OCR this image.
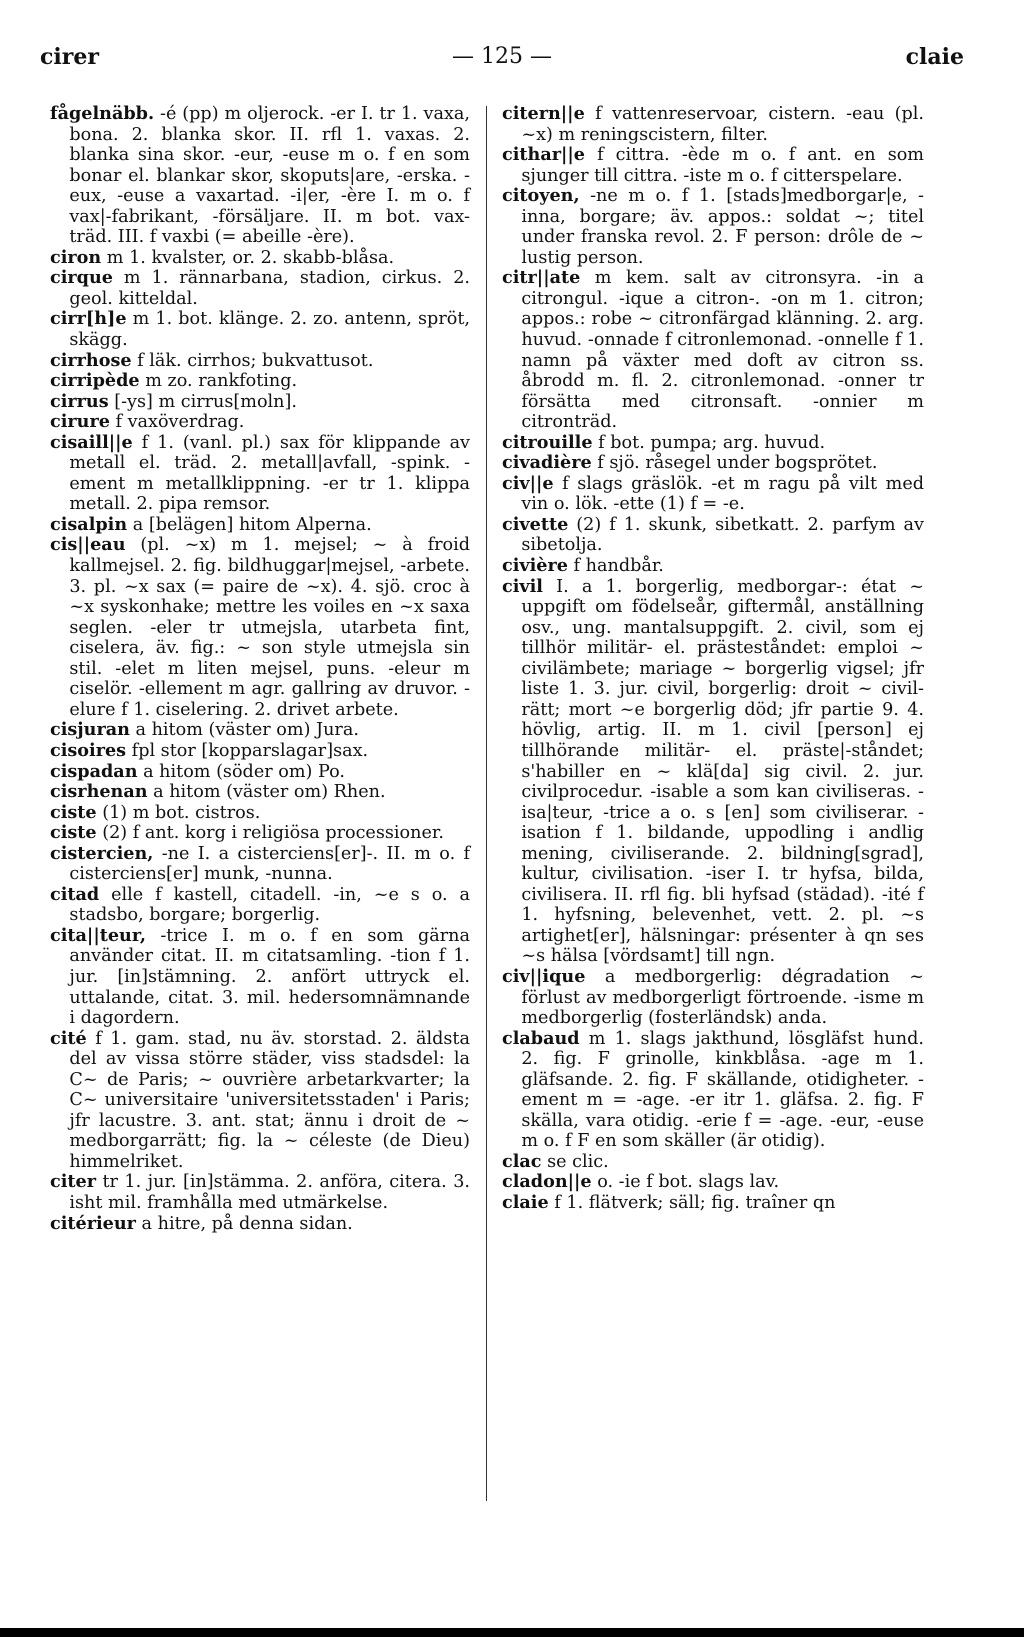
cirer	— 125 —	claie

fågelnäbb. -é (pp) m oljerock. -er I. tr 1. vaxa, bona. 2. blanka skor. II. rfl 1. vaxas. 2. blanka sina skor. -eur, -euse m o. f en som bonar el. blankar skor, skoputs|are, -erska. -eux, -euse a vaxartad. -i|er, -ère I. m o. f vax|-fabrikant, -försäljare. II. m bot. vax-träd. III. f vaxbi (= abeille -ère).

ciron m 1. kvalster, or. 2. skabb-blåsa.

cirque m 1. rännarbana, stadion, cirkus. 2. geol. kitteldal.

cirr[h]e m 1. bot. klänge. 2. zo. antenn, spröt, skägg.

cirrhose f läk. cirrhos; bukvattusot.

cirripède m zo. rankfoting.

cirrus [-ys] m cirrus[moln].

cirure f vaxöverdrag.

cisaill||e f 1. (vanl. pl.) sax för klippande av metall el. träd. 2. metall|avfall, -spink. -ement m metallklippning. -er tr 1. klippa metall. 2. pipa remsor.

cisalpin a [belägen] hitom Alperna.

cis||eau (pl. ~x) m 1. mejsel; ~ à froid kallmejsel. 2. fig. bildhuggar|mejsel, -arbete. 3. pl. ~x sax (= paire de ~x). 4. sjö. croc à ~x syskonhake; mettre les voiles en ~x saxa seglen. -eler tr utmejsla, utarbeta fint, ciselera, äv. fig.: ~ son style utmejsla sin stil. -elet m liten mejsel, puns. -eleur m ciselör. -ellement m agr. gallring av druvor. -elure f 1. ciselering. 2. drivet arbete.

cisjuran a hitom (väster om) Jura.

cisoires fpl stor [kopparslagar]sax.

cispadan a hitom (söder om) Po.

cisrhenan a hitom (väster om) Rhen.

ciste (1) m bot. cistros.

ciste (2) f ant. korg i religiösa processioner.

cistercien, -ne I. a cisterciens[er]-. II. m o. f cisterciens[er] munk, -nunna.

citad elle f kastell, citadell. -in, ~e s o. a stadsbo, borgare; borgerlig.

cita||teur, -trice I. m o. f en som gärna använder citat. II. m citatsamling. -tion f 1. jur. [in]stämning. 2. anfört uttryck el. uttalande, citat. 3. mil. hedersomnämnande i dagordern.

cité f 1. gam. stad, nu äv. storstad. 2. äldsta del av vissa större städer, viss stadsdel: la C~ de Paris; ~ ouvrière arbetarkvarter; la C~ universitaire 'universitetsstaden' i Paris; jfr lacustre. 3. ant. stat; ännu i droit de ~ medborgarrätt; fig. la ~ céleste (de Dieu) himmelriket.

citer tr 1. jur. [in]stämma. 2. anföra, citera. 3. isht mil. framhålla med utmärkelse.

citérieur a hitre, på denna sidan.

citern||e f vattenreservoar, cistern. -eau (pl. ~x) m reningscistern, filter.

cithar||e f cittra. -ède m o. f ant. en som sjunger till cittra. -iste m o. f citterspelare.

citoyen, -ne m o. f 1. [stads]medborgar|e, -inna, borgare; äv. appos.: soldat ~; titel under franska revol. 2. F person: drôle de ~ lustig person.

citr||ate m kem. salt av citronsyra. -in a citrongul. -ique a citron-. -on m 1. citron; appos.: robe ~ citronfärgad klänning. 2. arg. huvud. -onnade f citronlemonad. -onnelle f 1. namn på växter med doft av citron ss. åbrodd m. fl. 2. citronlemonad. -onner tr försätta med citronsaft. -onnier m citronträd.

citrouille f bot. pumpa; arg. huvud.

civadière f sjö. råsegel under bogsprötet.

civ||e f slags gräslök. -et m ragu på vilt med vin o. lök. -ette (1) f = -e.

civette (2) f 1. skunk, sibetkatt. 2. parfym av sibetolja.

civière f handbår.

civil I. a 1. borgerlig, medborgar-: état ~ uppgift om födelseår, giftermål, anställning osv., ung. mantalsuppgift. 2. civil, som ej tillhör militär- el. prästeståndet: emploi ~ civilämbete; mariage ~ borgerlig vigsel; jfr liste 1. 3. jur. civil, borgerlig: droit ~ civilrätt; mort ~e borgerlig död; jfr partie 9. 4. hövlig, artig. II. m 1. civil [person] ej tillhörande militär- el. präste|-ståndet; s'habiller en ~ klä[da] sig civil. 2. jur. civilprocedur. -isable a som kan civiliseras. -isa|teur, -trice a o. s [en] som civiliserar. -isation f 1. bildande, uppodling i andlig mening, civiliserande. 2. bildning[sgrad], kultur, civilisation. -iser I. tr hyfsa, bilda, civilisera. II. rfl fig. bli hyfsad (städad). -ité f 1. hyfsning, belevenhet, vett. 2. pl. ~s artighet[er], hälsningar: présenter à qn ses ~s hälsa [vördsamt] till ngn.

civ||ique a medborgerlig: dégradation ~ förlust av medborgerligt förtroende. -isme m medborgerlig (fosterländsk) anda.

clabaud m 1. slags jakthund, lösgläfst hund. 2. fig. F grinolle, kinkblåsa. -age m 1. gläfsande. 2. fig. F skällande, otidigheter. -ement m = -age. -er itr 1. gläfsa. 2. fig. F skälla, vara otidig. -erie f = -age. -eur, -euse m o. f F en som skäller (är otidig).

clac se clic.

cladon||e o. -ie f bot. slags lav.

claie f 1. flätverk; säll; fig. traîner qn
